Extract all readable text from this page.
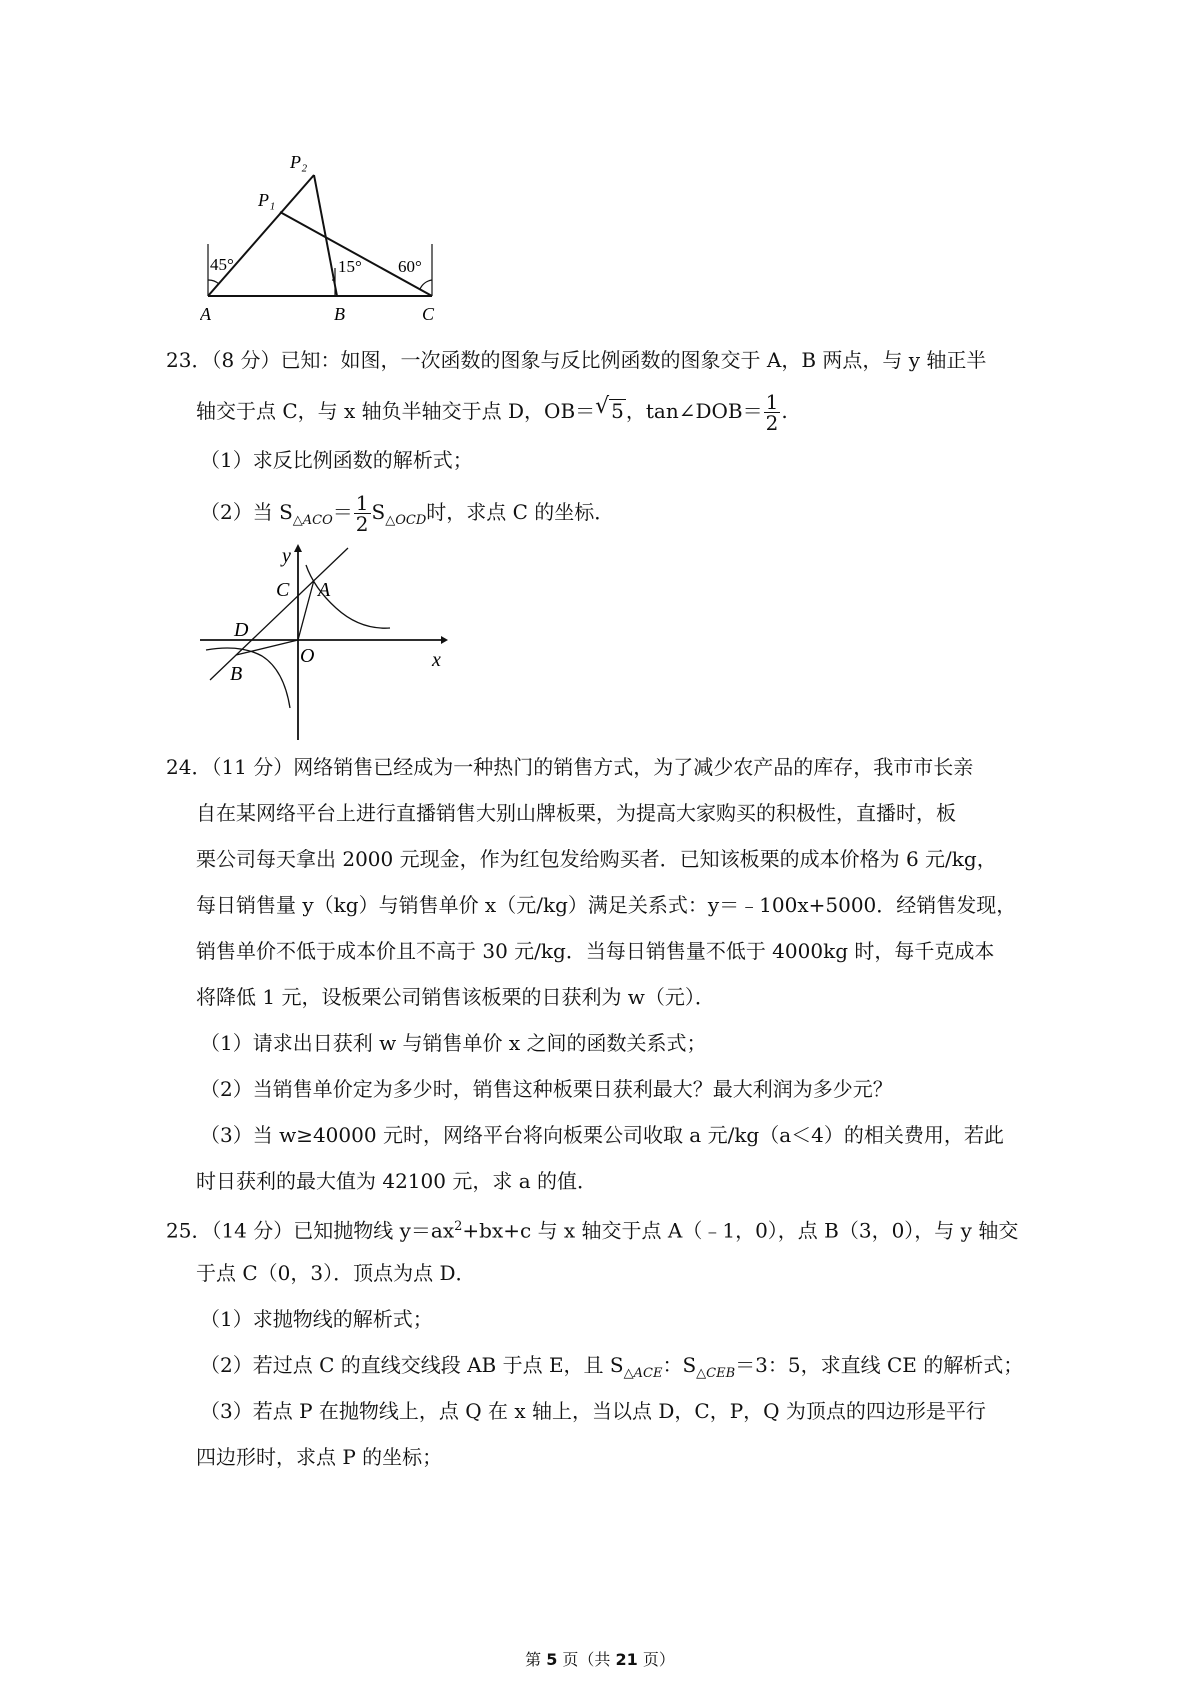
P₂
P₁
A	B	C
45°	15° 60°
23．（8 分）已知：如图，一次函数的图象与反比例函数的图象交于 A，B 两点，与 y 轴正半
轴交于点 C，与 x 轴负半轴交于点 D，OB＝√ 5 ，tan∠DOB＝ $\frac{1}{2}$ .
（1）求反比例函数的解析式；
（2）当 $S_{\triangle ACO}= \frac{1}{2} S_{\triangle OCD}$时，求点 C 的坐标．
y
x
O
A
C
D
B
24．（11 分）网络销售已经成为一种热门的销售方式，为了减少农产品的库存，我市市长亲
自在某网络平台上进行直播销售大别山牌板栗，为提高大家购买的积极性，直播时，板
栗公司每天拿出 2000 元现金，作为红包发给购买者．已知该板栗的成本价格为 6 元/kg，
每日销售量 y（kg）与销售单价 x（元/kg）满足关系式：y＝﹣100x+5000．经销售发现，
销售单价不低于成本价且不高于 30 元/kg．当每日销售量不低于 4000kg 时，每千克成本
将降低 1 元，设板栗公司销售该板栗的日获利为 w（元）．
（1）请求出日获利 w 与销售单价 x 之间的函数关系式；
（2）当销售单价定为多少时，销售这种板栗日获利最大？最大利润为多少元？
（3）当 w≥40000 元时，网络平台将向板栗公司收取 a 元/kg（a＜4）的相关费用，若此
时日获利的最大值为 42100 元，求 a 的值．
25．（14 分）已知抛物线 $y=ax^2+bx+c$ 与 x 轴交于点 A（﹣1，0），点 B（3，0），与 y 轴交
于点 C（0，3）．顶点为点 D．
（1）求抛物线的解析式；
（2）若过点 C 的直线交线段 AB 于点 E，且 $S_{\triangle ACE}$：$S_{\triangle CEB}=3$：5，求直线 CE 的解析式；
（3）若点 P 在抛物线上，点 Q 在 x 轴上，当以点 D，C，P，Q 为顶点的四边形是平行
四边形时，求点 P 的坐标；
第 5 页（共 21 页）
